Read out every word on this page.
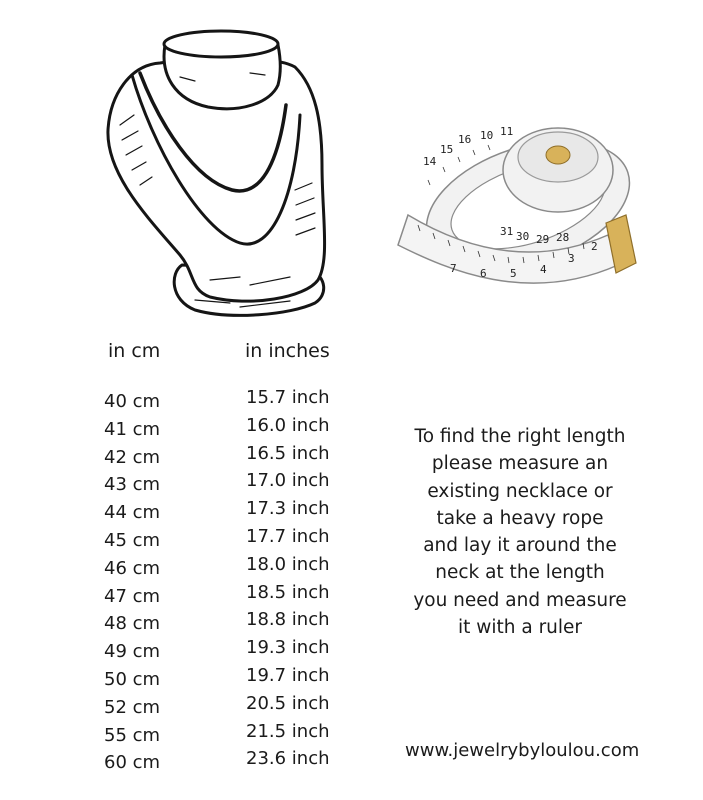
14
15
16 10 11
31 30 29 28
2
3
4
5
6
7
in cm	in inches
40 cm
41 cm
42 cm
43 cm
44 cm
45 cm
46 cm
47 cm
48 cm
49 cm
50 cm
52 cm
55 cm
60 cm
15.7 inch
16.0 inch
16.5 inch
17.0 inch
17.3 inch
17.7 inch
18.0 inch
18.5 inch
18.8 inch
19.3 inch
19.7 inch
20.5 inch
21.5 inch
23.6 inch
To find the right length
please measure an
existing necklace or
take a heavy rope
and lay it around the
neck at the length
you need and measure
it with a ruler
www.jewelrybyloulou.com
